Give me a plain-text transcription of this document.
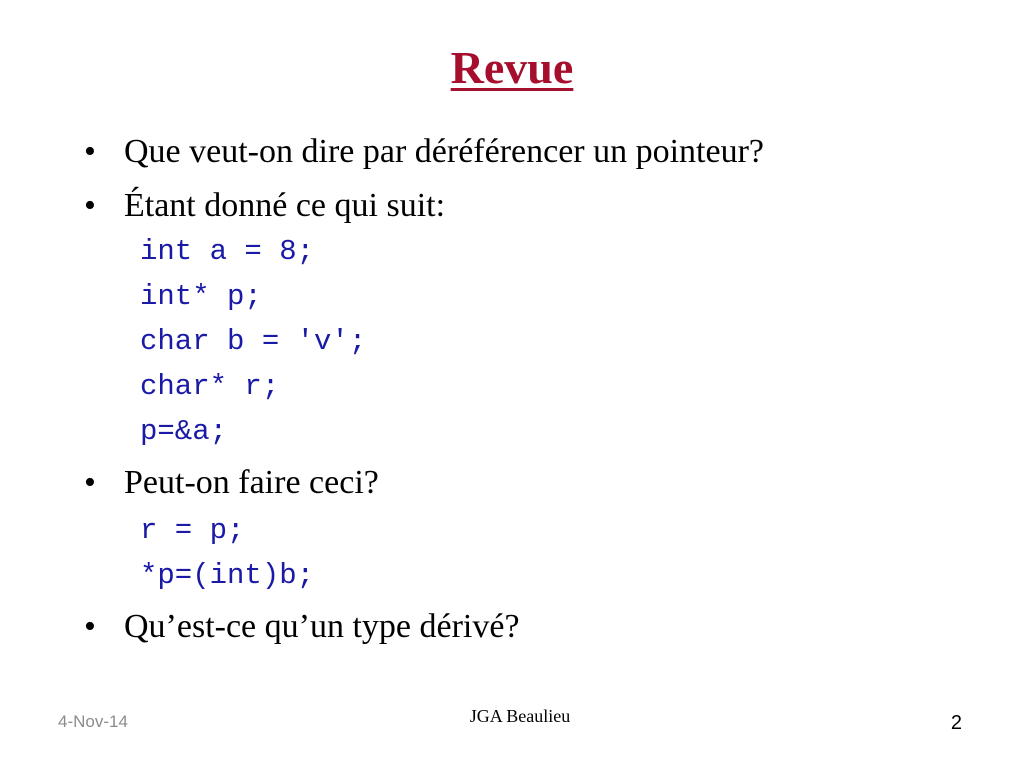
Revue
• Que veut-on dire par déréférencer un pointeur?
• Étant donné ce qui suit:
int a = 8;
int* p;
char b = 'v';
char* r;
p=&a;
• Peut-on faire ceci?
r = p;
*p=(int)b;
• Qu’est-ce qu’un type dérivé?
4-Nov-14	JGA Beaulieu	2
